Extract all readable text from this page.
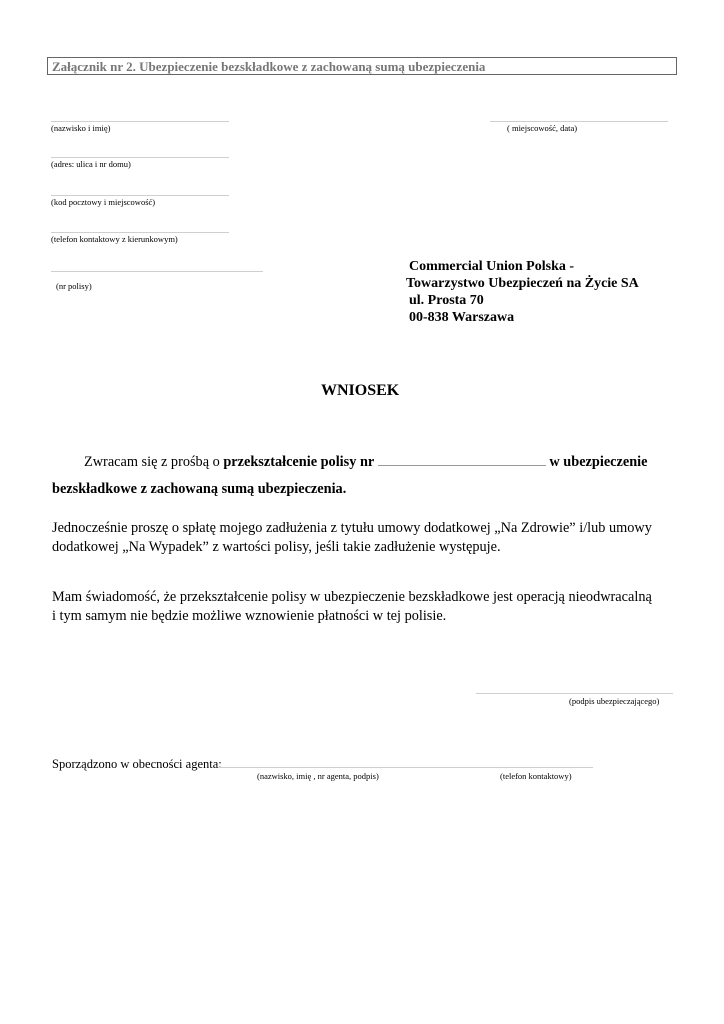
Załącznik nr 2. Ubezpieczenie bezskładkowe z zachowaną sumą ubezpieczenia
(nazwisko i imię)	( miejscowość, data)
(adres: ulica i nr domu)
(kod pocztowy i miejscowość)
(telefon kontaktowy z kierunkowym)
(nr polisy)
Commercial Union Polska -
Towarzystwo Ubezpieczeń na Życie SA
ul. Prosta 70
00-838 Warszawa
WNIOSEK
Zwracam się z prośbą o przekształcenie polisy nr	w ubezpieczenie
bezskładkowe z zachowaną sumą ubezpieczenia.
Jednocześnie proszę o spłatę mojego zadłużenia z tytułu umowy dodatkowej „Na Zdrowie” i/lub umowy
dodatkowej „Na Wypadek” z wartości polisy, jeśli takie zadłużenie występuje.
Mam świadomość, że przekształcenie polisy w ubezpieczenie bezskładkowe jest operacją nieodwracalną
i tym samym nie będzie możliwe wznowienie płatności w tej polisie.
(podpis ubezpieczającego)
Sporządzono w obecności agenta:
(nazwisko, imię , nr agenta, podpis)	(telefon kontaktowy)
